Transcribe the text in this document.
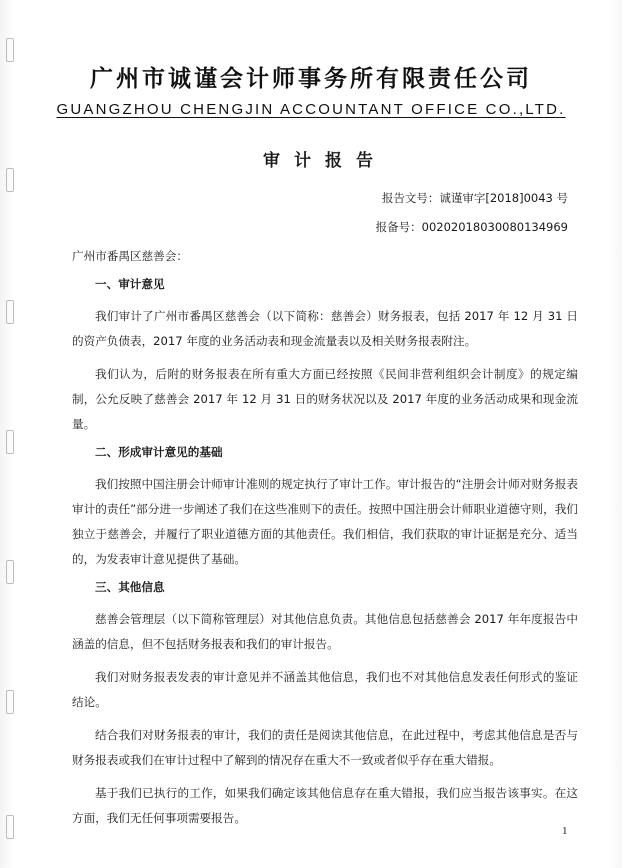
广州市诚谨会计师事务所有限责任公司
GUANGZHOU CHENGJIN ACCOUNTANT OFFICE CO.,LTD.
审计报告
报告文号：诚谨审字[2018]0043 号
报备号：00202018030080134969
广州市番禺区慈善会：
一、审计意见
我们审计了广州市番禺区慈善会（以下简称：慈善会）财务报表，包括 2017 年 12 月 31 日的资产负债表，2017 年度的业务活动表和现金流量表以及相关财务报表附注。
我们认为，后附的财务报表在所有重大方面已经按照《民间非营利组织会计制度》的规定编制，公允反映了慈善会 2017 年 12 月 31 日的财务状况以及 2017 年度的业务活动成果和现金流量。
二、形成审计意见的基础
我们按照中国注册会计师审计准则的规定执行了审计工作。审计报告的“注册会计师对财务报表审计的责任”部分进一步阐述了我们在这些准则下的责任。按照中国注册会计师职业道德守则，我们独立于慈善会，并履行了职业道德方面的其他责任。我们相信，我们获取的审计证据是充分、适当的，为发表审计意见提供了基础。
三、其他信息
慈善会管理层（以下简称管理层）对其他信息负责。其他信息包括慈善会 2017 年年度报告中涵盖的信息，但不包括财务报表和我们的审计报告。
我们对财务报表发表的审计意见并不涵盖其他信息，我们也不对其他信息发表任何形式的鉴证结论。
结合我们对财务报表的审计，我们的责任是阅读其他信息，在此过程中，考虑其他信息是否与财务报表或我们在审计过程中了解到的情况存在重大不一致或者似乎存在重大错报。
基于我们已执行的工作，如果我们确定该其他信息存在重大错报，我们应当报告该事实。在这方面，我们无任何事项需要报告。
1
